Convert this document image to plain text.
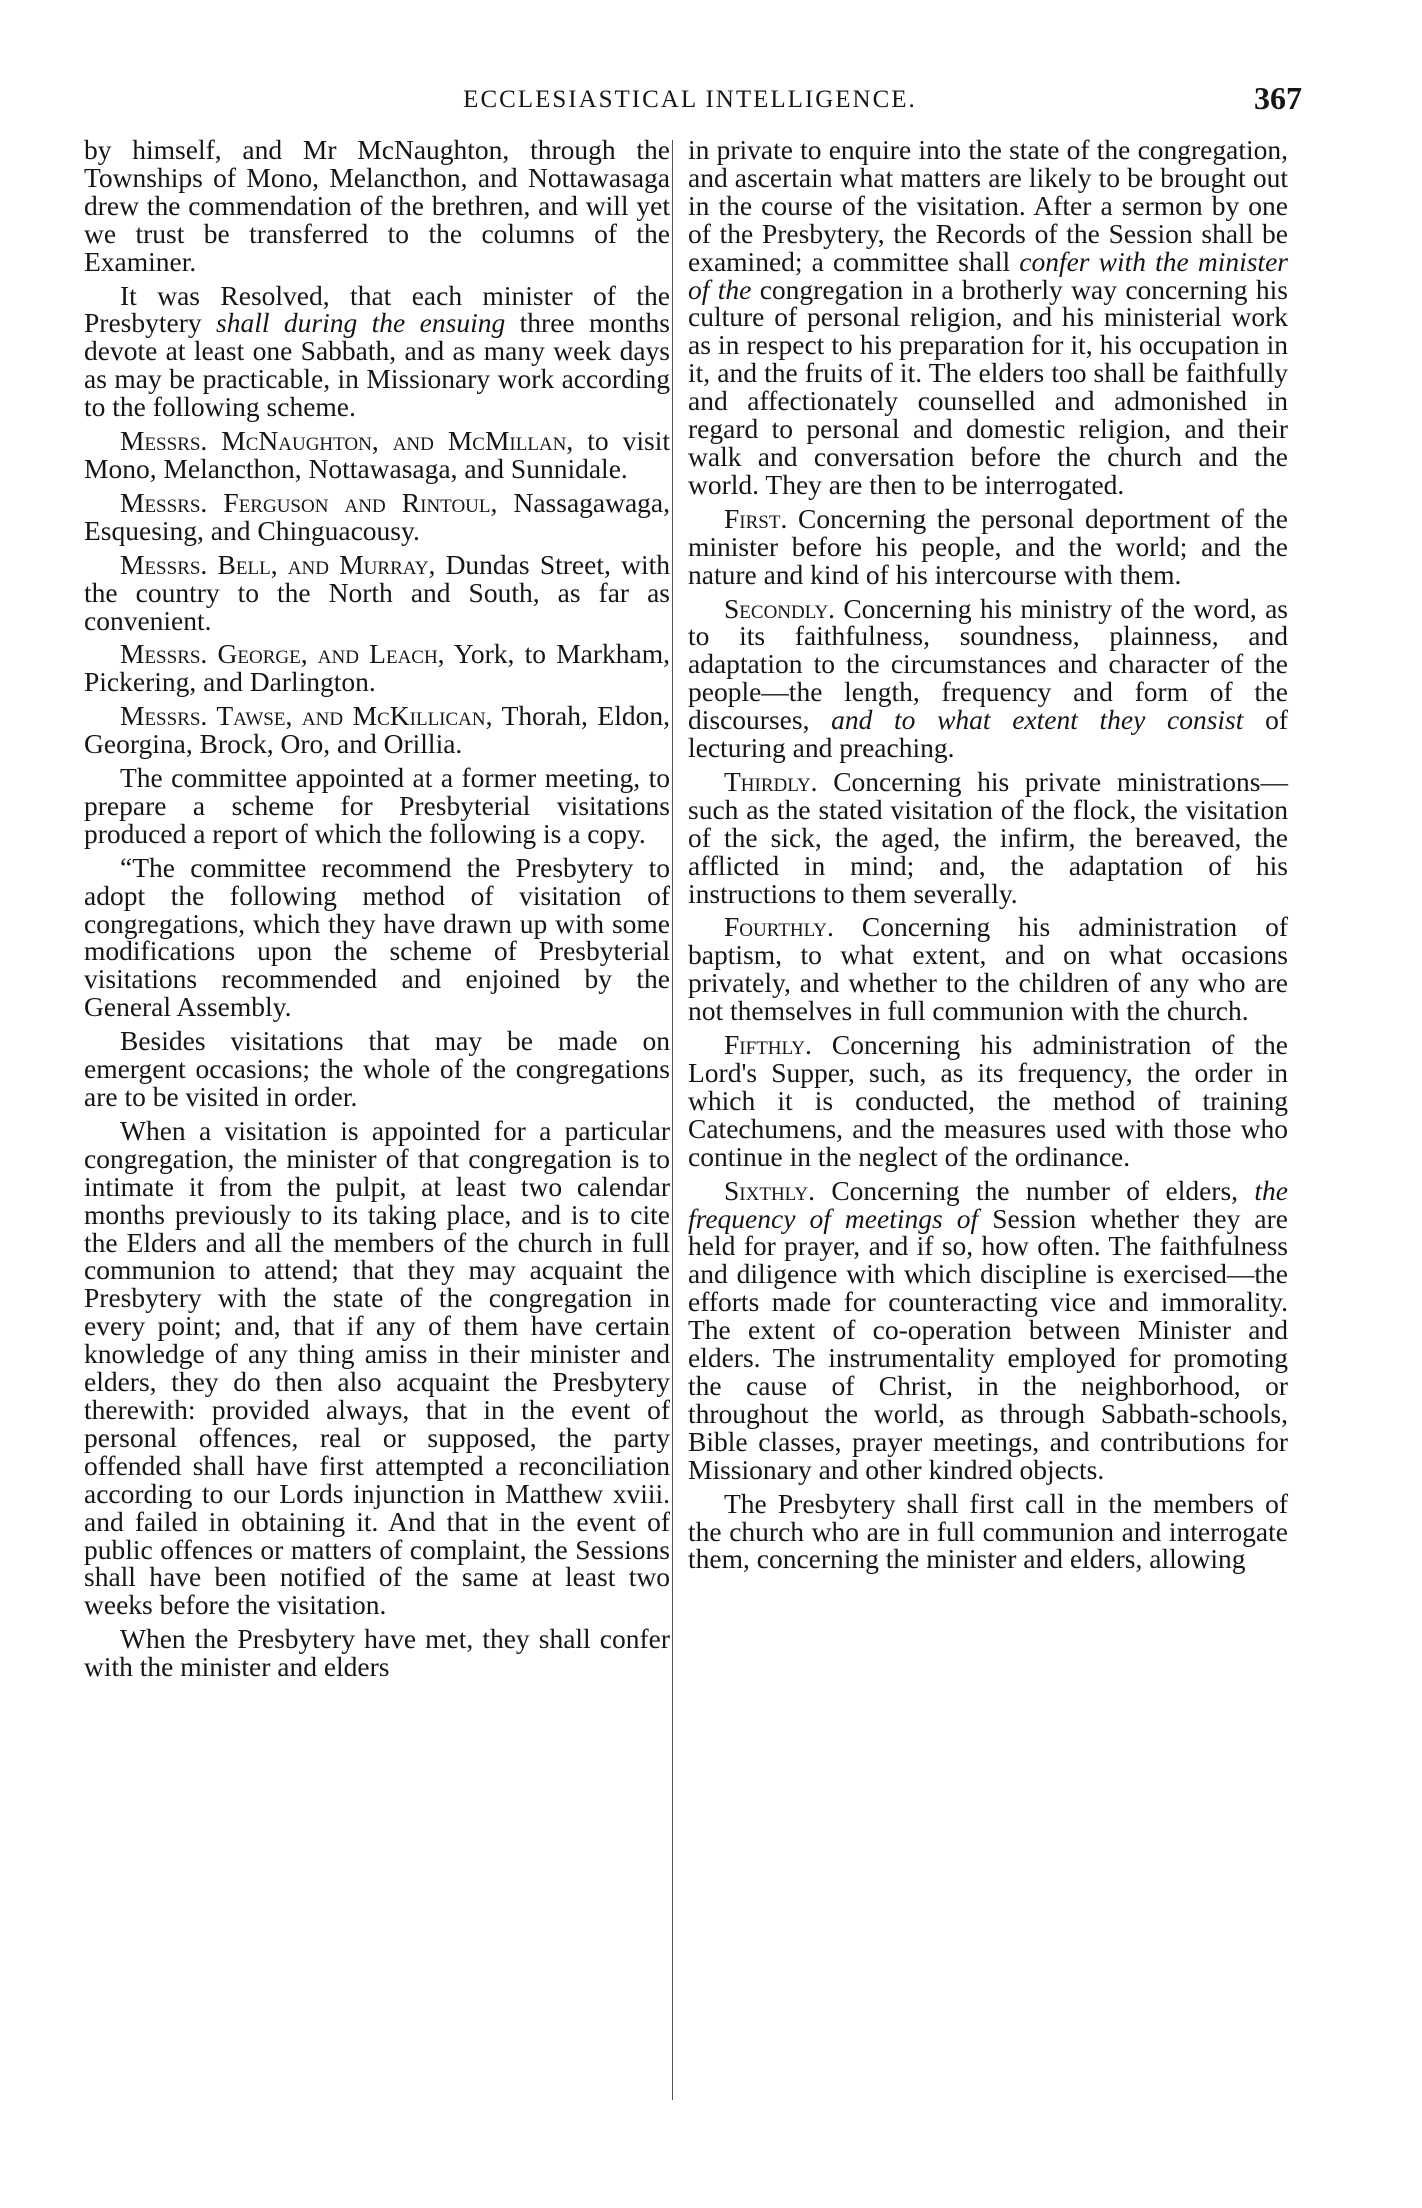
ECCLESIASTICAL INTELLIGENCE.	367

by himself, and Mr McNaughton, through the Townships of Mono, Melancthon, and Nottawasaga drew the commendation of the brethren, and will yet we trust be transferred to the columns of the Examiner.

It was Resolved, that each minister of the Presbytery shall during the ensuing three months devote at least one Sabbath, and as many week days as may be practicable, in Missionary work according to the following scheme.

Messrs. McNaughton, and McMillan, to visit Mono, Melancthon, Nottawasaga, and Sunnidale.

Messrs. Ferguson and Rintoul, Nassagawaga, Esquesing, and Chinguacousy.

Messrs. Bell, and Murray, Dundas Street, with the country to the North and South, as far as convenient.

Messrs. George, and Leach, York, to Markham, Pickering, and Darlington.

Messrs. Tawse, and McKillican, Thorah, Eldon, Georgina, Brock, Oro, and Orillia.

The committee appointed at a former meeting, to prepare a scheme for Presbyterial visitations produced a report of which the following is a copy.

“The committee recommend the Presbytery to adopt the following method of visitation of congregations, which they have drawn up with some modifications upon the scheme of Presbyterial visitations recommended and enjoined by the General Assembly.

Besides visitations that may be made on emergent occasions; the whole of the congregations are to be visited in order.

When a visitation is appointed for a particular congregation, the minister of that congregation is to intimate it from the pulpit, at least two calendar months previously to its taking place, and is to cite the Elders and all the members of the church in full communion to attend; that they may acquaint the Presbytery with the state of the congregation in every point; and, that if any of them have certain knowledge of any thing amiss in their minister and elders, they do then also acquaint the Presbytery therewith: provided always, that in the event of personal offences, real or supposed, the party offended shall have first attempted a reconciliation according to our Lords injunction in Matthew xviii. and failed in obtaining it. And that in the event of public offences or matters of complaint, the Sessions shall have been notified of the same at least two weeks before the visitation.

When the Presbytery have met, they shall confer with the minister and elders

in private to enquire into the state of the congregation, and ascertain what matters are likely to be brought out in the course of the visitation. After a sermon by one of the Presbytery, the Records of the Session shall be examined; a committee shall confer with the minister of the congregation in a brotherly way concerning his culture of personal religion, and his ministerial work as in respect to his preparation for it, his occupation in it, and the fruits of it. The elders too shall be faithfully and affectionately counselled and admonished in regard to personal and domestic religion, and their walk and conversation before the church and the world. They are then to be interrogated.

First. Concerning the personal deportment of the minister before his people, and the world; and the nature and kind of his intercourse with them.

Secondly. Concerning his ministry of the word, as to its faithfulness, soundness, plainness, and adaptation to the circumstances and character of the people—the length, frequency and form of the discourses, and to what extent they consist of lecturing and preaching.

Thirdly. Concerning his private ministrations—such as the stated visitation of the flock, the visitation of the sick, the aged, the infirm, the bereaved, the afflicted in mind; and, the adaptation of his instructions to them severally.

Fourthly. Concerning his administration of baptism, to what extent, and on what occasions privately, and whether to the children of any who are not themselves in full communion with the church.

Fifthly. Concerning his administration of the Lord's Supper, such, as its frequency, the order in which it is conducted, the method of training Catechumens, and the measures used with those who continue in the neglect of the ordinance.

Sixthly. Concerning the number of elders, the frequency of meetings of Session whether they are held for prayer, and if so, how often. The faithfulness and diligence with which discipline is exercised—the efforts made for counteracting vice and immorality. The extent of co-operation between Minister and elders. The instrumentality employed for promoting the cause of Christ, in the neighborhood, or throughout the world, as through Sabbath-schools, Bible classes, prayer meetings, and contributions for Missionary and other kindred objects.

The Presbytery shall first call in the members of the church who are in full communion and interrogate them, concerning the minister and elders, allowing
